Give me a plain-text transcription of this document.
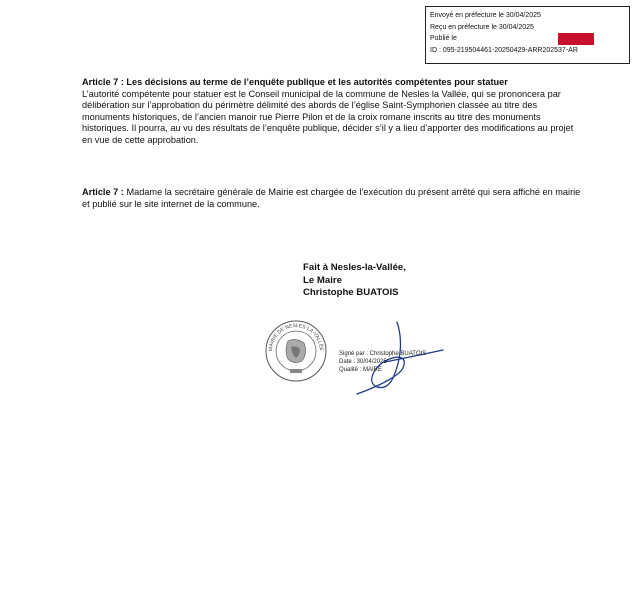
Envoyé en préfecture le 30/04/2025
Reçu en préfecture le 30/04/2025
Publié le
ID : 095-219504461-20250429-ARR202537-AR
Article 7 : Les décisions au terme de l’enquête publique et les autorités compétentes pour statuer
L’autorité compétente pour statuer est le Conseil municipal de la commune de Nesles la Vallée, qui se prononcera par délibération sur l’approbation du périmètre délimité des abords de l’église Saint-Symphorien classée au titre des monuments historiques, de l’ancien manoir rue Pierre Pilon et de la croix romane inscrits au titre des monuments historiques. Il pourra, au vu des résultats de l’enquête publique, décider s’il y a lieu d’apporter des modifications au projet en vue de cette approbation.
Article 7 : Madame la secrétaire générale de Mairie est chargée de l’exécution du présent arrêté qui sera affiché en mairie et publié sur le site internet de la commune.
Fait à Nesles-la-Vallée,
Le Maire
Christophe BUATOIS
MAIRIE DE NESLES-LA-VALLÉE
Signé par : Christophe BUATOIS
Date : 30/04/2025
Qualité : MAIRE
